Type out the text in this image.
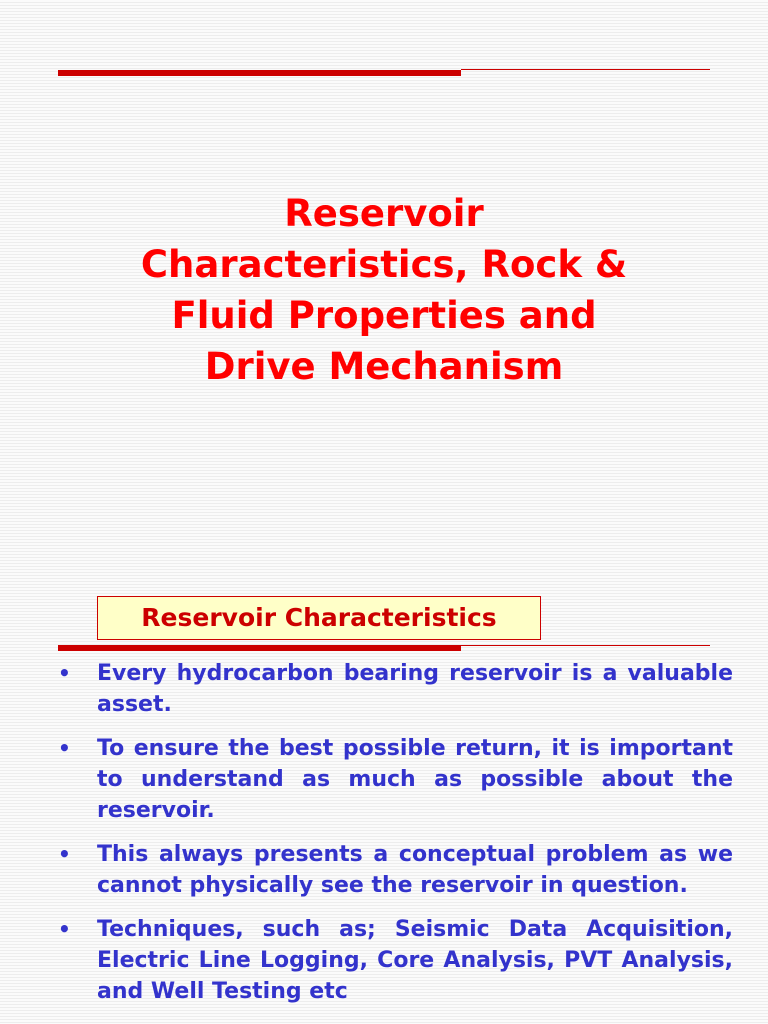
Reservoir
Characteristics, Rock &
Fluid Properties and
Drive Mechanism
Reservoir Characteristics
• Every hydrocarbon bearing reservoir is a valuable asset.
• To ensure the best possible return, it is important to understand as much as possible about the reservoir.
• This always presents a conceptual problem as we cannot physically see the reservoir in question.
• Techniques, such as; Seismic Data Acquisition, Electric Line Logging, Core Analysis, PVT Analysis, and Well Testing etc
